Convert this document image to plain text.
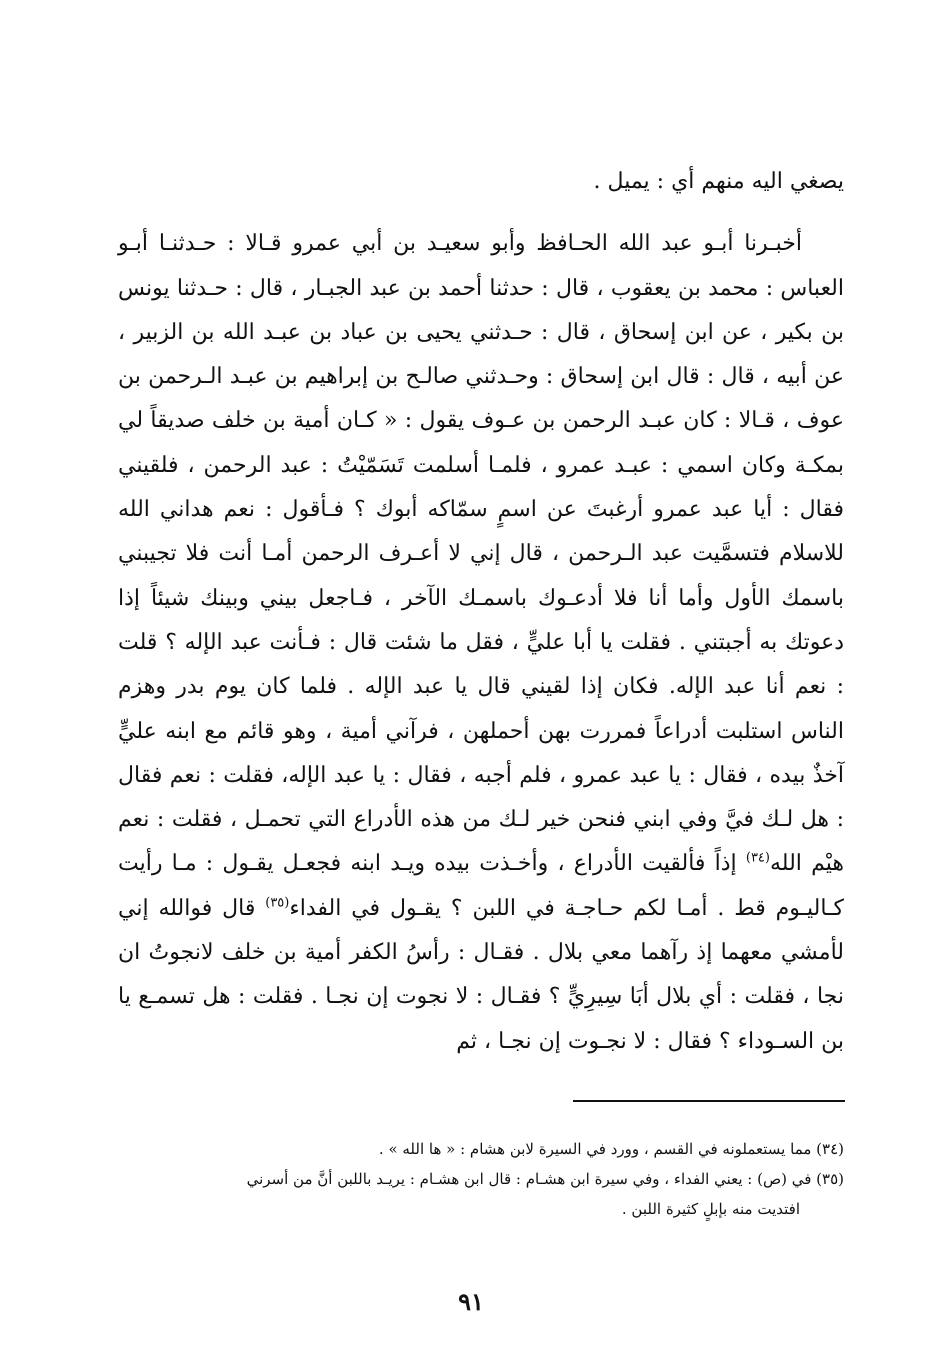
يصغي اليه منهم أي : يميل .

أخبـرنا أبـو عبد الله الحـافظ وأبو سعيـد بن أبي عمرو قـالا : حـدثنـا أبـو العباس : محمد بن يعقوب ، قال : حدثنا أحمد بن عبد الجبـار ، قال : حـدثنا يونس بن بكير ، عن ابن إسحاق ، قال : حـدثني يحيى بن عباد بن عبـد الله بن الزبير ، عن أبيه ، قال : قال ابن إسحاق : وحـدثني صالـح بن إبراهيم بن عبـد الـرحمن بن عوف ، قـالا : كان عبـد الرحمن بن عـوف يقول : « كـان أمية بن خلف صديقاً لي بمكـة وكان اسمي : عبـد عمرو ، فلمـا أسلمت تَسَمّيْتُ : عبد الرحمن ، فلقيني فقال : أيا عبد عمرو أرغبتَ عن اسمٍ سمّاكه أبوك ؟ فـأقول : نعم هداني الله للاسلام فتسمَّيت عبد الـرحمن ، قال إني لا أعـرف الرحمن أمـا أنت فلا تجيبني باسمك الأول وأما أنا فلا أدعـوك باسمـك الآخر ، فـاجعل بيني وبينك شيئاً إذا دعوتك به أجبتني . فقلت يا أبا عليٍّ ، فقل ما شئت قال : فـأنت عبد الإله ؟ قلت : نعم أنا عبد الإله. فكان إذا لقيني قال يا عبد الإله . فلما كان يوم بدر وهزم الناس استلبت أدراعاً فمررت بهن أحملهن ، فرآني أمية ، وهو قائم مع ابنه عليٍّ آخذٌ بيده ، فقال : يا عبد عمرو ، فلم أجبه ، فقال : يا عبد الإله، فقلت : نعم فقال : هل لـك فيَّ وفي ابني فنحن خير لـك من هذه الأدراع التي تحمـل ، فقلت : نعم هيْم الله$^{(٣٤)}$ إذاً فألقيت الأدراع ، وأخـذت بيده ويـد ابنه فجعـل يقـول : مـا رأيت كـاليـوم قط . أمـا لكم حـاجـة في اللبن ؟ يقـول في الفداء$^{(٣٥)}$ قال فوالله إني لأمشي معهما إذ رآهما معي بلال . فقـال : رأسُ الكفر أمية بن خلف لانجوتُ ان نجا ، فقلت : أي بلال أبَا سِيرِيٍّ ؟ فقـال : لا نجوت إن نجـا . فقلت : هل تسمـع يا بن السـوداء ؟ فقال : لا نجـوت إن نجـا ، ثم

(٣٤) مما يستعملونه في القسم ، وورد في السيرة لابن هشام : « ها الله » .

(٣٥) في (ص) : يعني الفداء ، وفي سيرة ابن هشـام : قال ابن هشـام : يريـد باللبن أنَّ من أسرني

افتديت منه بإبلٍ كثيرة اللبن .

٩١
